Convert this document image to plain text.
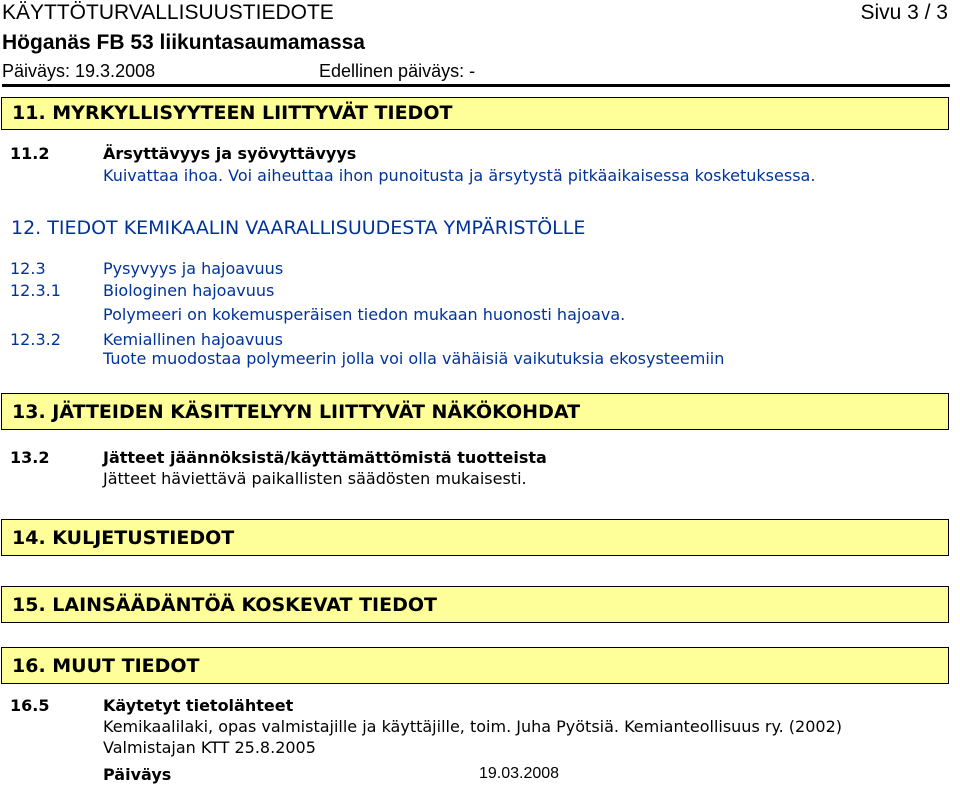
KÄYTTÖTURVALLISUUSTIEDOTE	Sivu 3 / 3
Höganäs FB 53 liikuntasaumamassa
Päiväys: 19.3.2008	Edellinen päiväys: -
11. MYRKYLLISYYTEEN LIITTYVÄT TIEDOT
11.2	Ärsyttävyys ja syövyttävyys
Kuivattaa ihoa. Voi aiheuttaa ihon punoitusta ja ärsytystä pitkäaikaisessa kosketuksessa.
12. TIEDOT KEMIKAALIN VAARALLISUUDESTA YMPÄRISTÖLLE
12.3	Pysyvyys ja hajoavuus
12.3.1	Biologinen hajoavuus
Polymeeri on kokemusperäisen tiedon mukaan huonosti hajoava.
12.3.2	Kemiallinen hajoavuus
Tuote muodostaa polymeerin jolla voi olla vähäisiä vaikutuksia ekosysteemiin
13. JÄTTEIDEN KÄSITTELYYN LIITTYVÄT NÄKÖKOHDAT
13.2	Jätteet jäännöksistä/käyttämättömistä tuotteista
Jätteet häviettävä paikallisten säädösten mukaisesti.
14. KULJETUSTIEDOT
15. LAINSÄÄDÄNTÖÄ KOSKEVAT TIEDOT
16. MUUT TIEDOT
16.5	Käytetyt tietolähteet
Kemikaalilaki, opas valmistajille ja käyttäjille, toim. Juha Pyötsiä. Kemianteollisuus ry. (2002)
Valmistajan KTT 25.8.2005
Päiväys	19.03.2008
